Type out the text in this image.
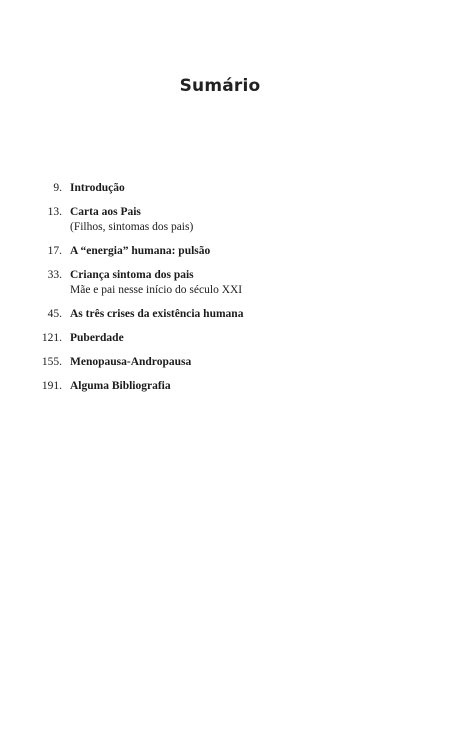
Sumário
9. Introdução
13. Carta aos Pais
(Filhos, sintomas dos pais)
17. A “energia” humana: pulsão
33. Criança sintoma dos pais
Mãe e pai nesse início do século XXI
45. As três crises da existência humana
121. Puberdade
155. Menopausa-Andropausa
191. Alguma Bibliografia
